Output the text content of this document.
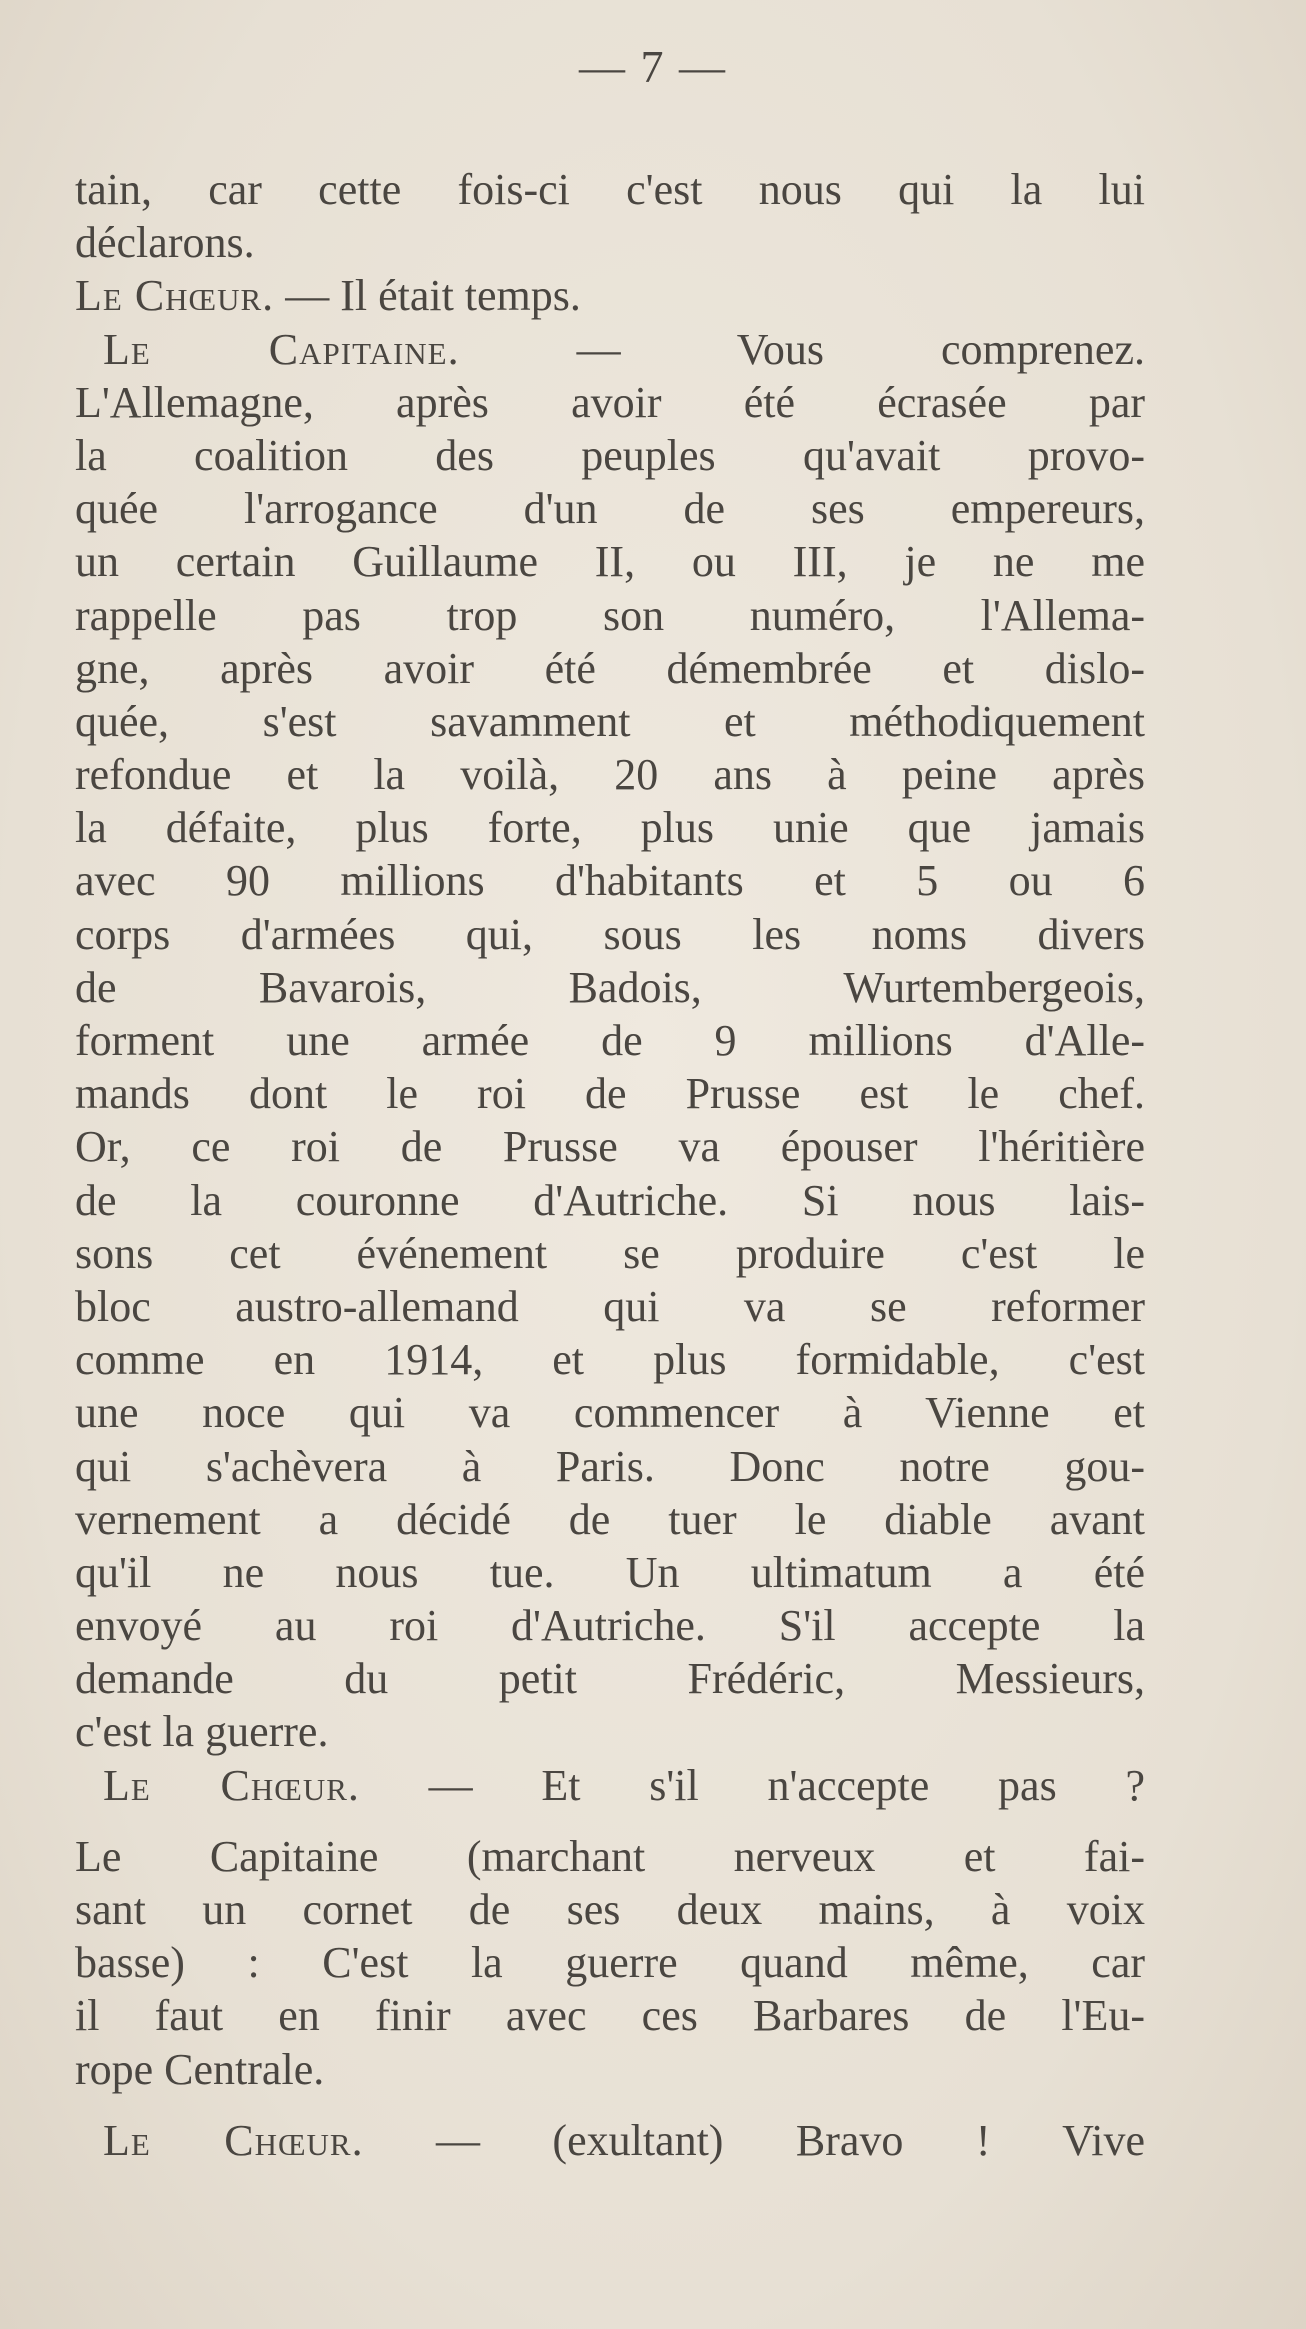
— 7 —
tain, car cette fois-ci c'est nous qui la lui
déclarons.
Le Chœur. — Il était temps.
Le Capitaine. — Vous comprenez.
L'Allemagne, après avoir été écrasée par
la coalition des peuples qu'avait provo-
quée l'arrogance d'un de ses empereurs,
un certain Guillaume II, ou III, je ne me
rappelle pas trop son numéro, l'Allema-
gne, après avoir été démembrée et dislo-
quée, s'est savamment et méthodiquement
refondue et la voilà, 20 ans à peine après
la défaite, plus forte, plus unie que jamais
avec 90 millions d'habitants et 5 ou 6
corps d'armées qui, sous les noms divers
de Bavarois, Badois, Wurtembergeois,
forment une armée de 9 millions d'Alle-
mands dont le roi de Prusse est le chef.
Or, ce roi de Prusse va épouser l'héritière
de la couronne d'Autriche. Si nous lais-
sons cet événement se produire c'est le
bloc austro-allemand qui va se reformer
comme en 1914, et plus formidable, c'est
une noce qui va commencer à Vienne et
qui s'achèvera à Paris. Donc notre gou-
vernement a décidé de tuer le diable avant
qu'il ne nous tue. Un ultimatum a été
envoyé au roi d'Autriche. S'il accepte la
demande du petit Frédéric, Messieurs,
c'est la guerre.
Le Chœur. — Et s'il n'accepte pas ?
Le Capitaine (marchant nerveux et fai-
sant un cornet de ses deux mains, à voix
basse) : C'est la guerre quand même, car
il faut en finir avec ces Barbares de l'Eu-
rope Centrale.
Le Chœur. — (exultant) Bravo ! Vive
